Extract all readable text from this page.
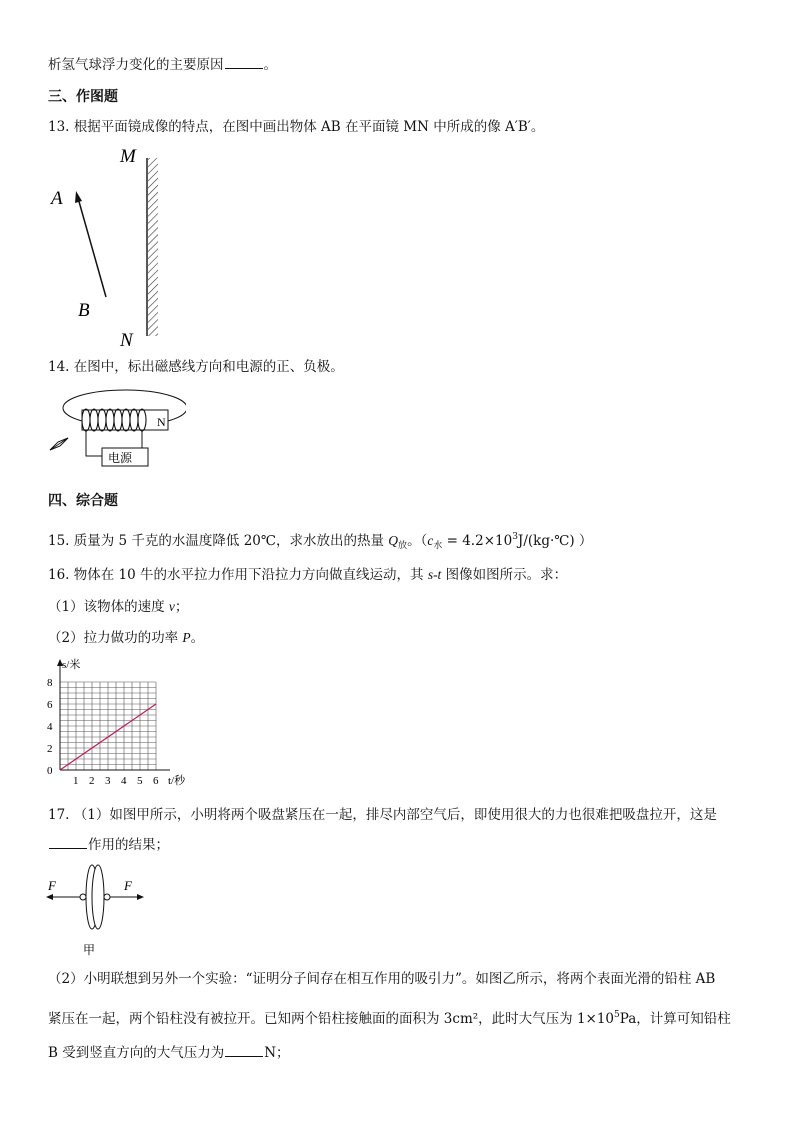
析氢气球浮力变化的主要原因	。
三、作图题
13. 根据平面镜成像的特点，在图中画出物体 AB 在平面镜 MN 中所成的像 A′B′。
M
N
A
B
14. 在图中，标出磁感线方向和电源的正、负极。
N
电源
四、综合题
15. 质量为 5 千克的水温度降低 20℃，求水放出的热量 $Q_放$。（$c_水$ = $4.2\times 10^3J/(kg\cdot℃)$ ）
16. 物体在 10 牛的水平拉力作用下沿拉力方向做直线运动，其 s-t 图像如图所示。求：
（1）该物体的速度 v；
（2）拉力做功的功率 P。
0
2
4
6
8
1 2 3 4 5 6
s/米
t/秒
17. （1）如图甲所示，小明将两个吸盘紧压在一起，排尽内部空气后，即使用很大的力也很难把吸盘拉开，这是
作用的结果；
F	F
甲
（2）小明联想到另外一个实验：“证明分子间存在相互作用的吸引力”。如图乙所示，将两个表面光滑的铅柱 AB
紧压在一起，两个铅柱没有被拉开。已知两个铅柱接触面的面积为 3cm²，此时大气压为 $1\times 10^5Pa$，计算可知铅柱
B 受到竖直方向的大气压力为	N；
